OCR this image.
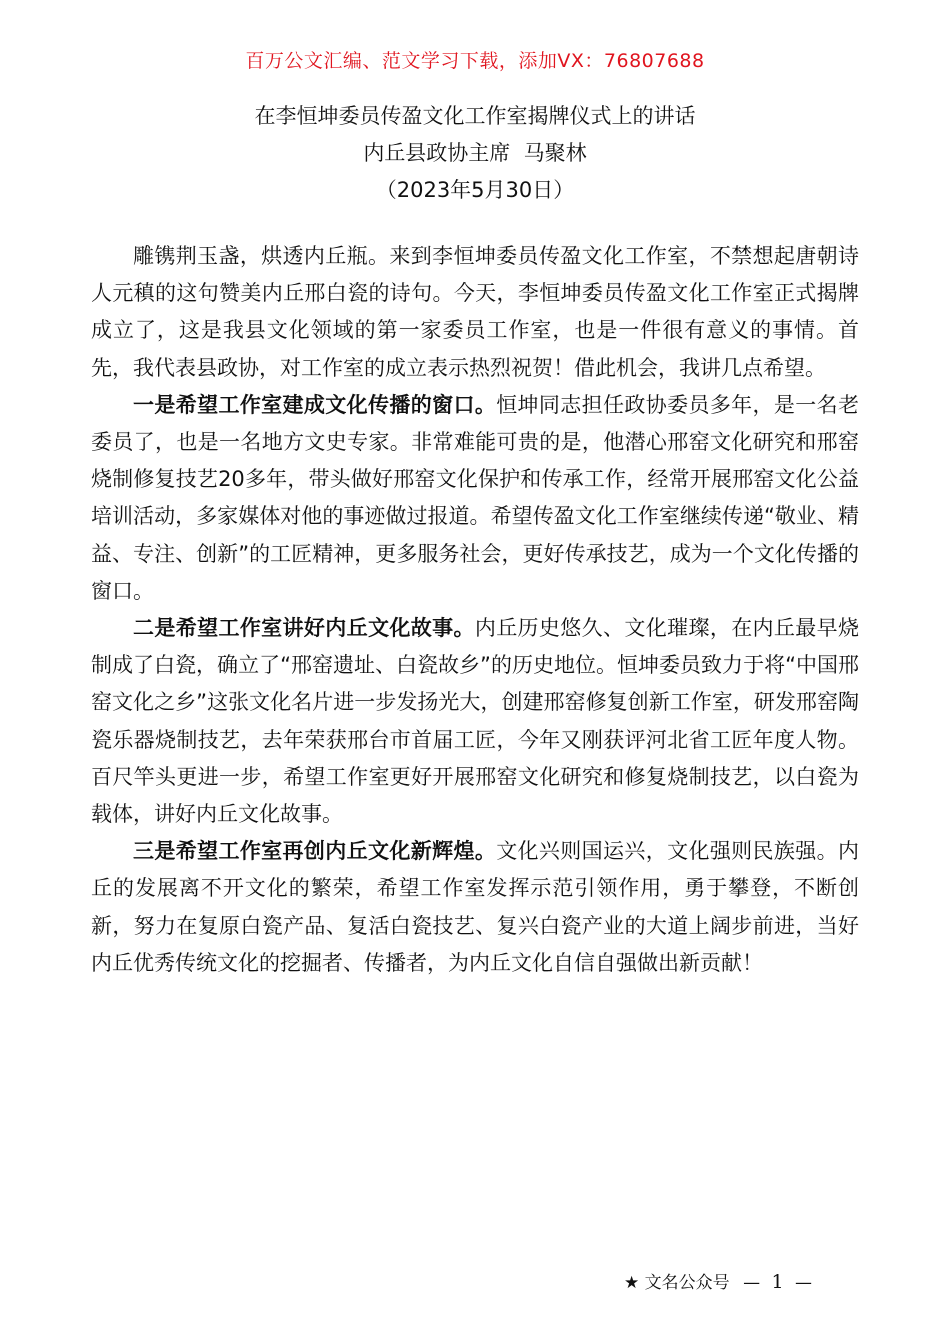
百万公文汇编、范文学习下载，添加VX：76807688
在李恒坤委员传盈文化工作室揭牌仪式上的讲话
内丘县政协主席  马聚林
（2023年5月30日）

雕镌荆玉盏，烘透内丘瓶。来到李恒坤委员传盈文化工作室，不禁想起唐朝诗人元稹的这句赞美内丘邢白瓷的诗句。今天，李恒坤委员传盈文化工作室正式揭牌成立了，这是我县文化领域的第一家委员工作室，也是一件很有意义的事情。首先，我代表县政协，对工作室的成立表示热烈祝贺！借此机会，我讲几点希望。

一是希望工作室建成文化传播的窗口。恒坤同志担任政协委员多年，是一名老委员了，也是一名地方文史专家。非常难能可贵的是，他潜心邢窑文化研究和邢窑烧制修复技艺20多年，带头做好邢窑文化保护和传承工作，经常开展邢窑文化公益培训活动，多家媒体对他的事迹做过报道。希望传盈文化工作室继续传递“敬业、精益、专注、创新”的工匠精神，更多服务社会，更好传承技艺，成为一个文化传播的窗口。

二是希望工作室讲好内丘文化故事。内丘历史悠久、文化璀璨，在内丘最早烧制成了白瓷，确立了“邢窑遗址、白瓷故乡”的历史地位。恒坤委员致力于将“中国邢窑文化之乡”这张文化名片进一步发扬光大，创建邢窑修复创新工作室，研发邢窑陶瓷乐器烧制技艺，去年荣获邢台市首届工匠，今年又刚获评河北省工匠年度人物。百尺竿头更进一步，希望工作室更好开展邢窑文化研究和修复烧制技艺，以白瓷为载体，讲好内丘文化故事。

三是希望工作室再创内丘文化新辉煌。文化兴则国运兴，文化强则民族强。内丘的发展离不开文化的繁荣，希望工作室发挥示范引领作用，勇于攀登，不断创新，努力在复原白瓷产品、复活白瓷技艺、复兴白瓷产业的大道上阔步前进，当好内丘优秀传统文化的挖掘者、传播者，为内丘文化自信自强做出新贡献！

★ 文名公众号 — 1 —
